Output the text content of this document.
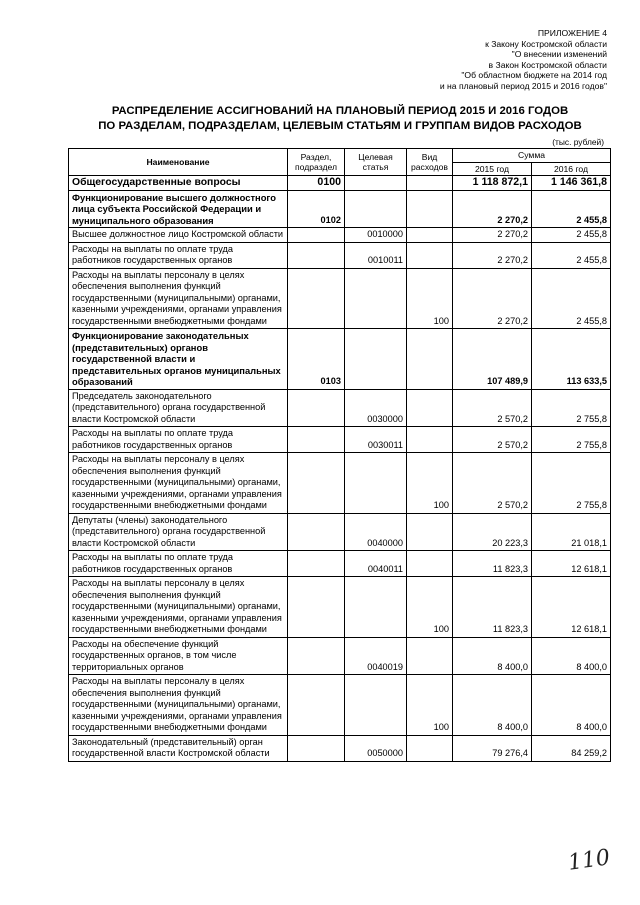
ПРИЛОЖЕНИЕ 4
к Закону Костромской области
"О внесении изменений
в Закон Костромской области
"Об областном бюджете на 2014 год
и на плановый период 2015 и 2016 годов"
РАСПРЕДЕЛЕНИЕ АССИГНОВАНИЙ НА ПЛАНОВЫЙ ПЕРИОД 2015 И 2016 ГОДОВ
ПО РАЗДЕЛАМ, ПОДРАЗДЕЛАМ, ЦЕЛЕВЫМ СТАТЬЯМ И ГРУППАМ ВИДОВ РАСХОДОВ
(тыс. рублей)
Наименование	Раздел, подраздел	Целевая статья	Вид расходов	Сумма	
				2015 год	2016 год
Общегосударственные вопросы	0100			1 118 872,1	1 146 361,8
Функционирование высшего должностного лица субъекта Российской Федерации и муниципального образования	0102			2 270,2	2 455,8
Высшее должностное лицо Костромской области		0010000		2 270,2	2 455,8
Расходы на выплаты по оплате труда работников государственных органов		0010011		2 270,2	2 455,8
Расходы на выплаты персоналу в целях обеспечения выполнения функций государственными (муниципальными) органами, казенными учреждениями, органами управления государственными внебюджетными фондами			100	2 270,2	2 455,8
Функционирование законодательных (представительных) органов государственной власти и представительных органов муниципальных образований	0103			107 489,9	113 633,5
Председатель законодательного (представительного) органа государственной власти Костромской области		0030000		2 570,2	2 755,8
Расходы на выплаты по оплате труда работников государственных органов		0030011		2 570,2	2 755,8
Расходы на выплаты персоналу в целях обеспечения выполнения функций государственными (муниципальными) органами, казенными учреждениями, органами управления государственными внебюджетными фондами			100	2 570,2	2 755,8
Депутаты (члены) законодательного (представительного) органа государственной власти Костромской области		0040000		20 223,3	21 018,1
Расходы на выплаты по оплате труда работников государственных органов		0040011		11 823,3	12 618,1
Расходы на выплаты персоналу в целях обеспечения выполнения функций государственными (муниципальными) органами, казенными учреждениями, органами управления государственными внебюджетными фондами			100	11 823,3	12 618,1
Расходы на обеспечение функций государственных органов, в том числе территориальных органов		0040019		8 400,0	8 400,0
Расходы на выплаты персоналу в целях обеспечения выполнения функций государственными (муниципальными) органами, казенными учреждениями, органами управления государственными внебюджетными фондами			100	8 400,0	8 400,0
Законодательный (представительный) орган государственной власти Костромской области		0050000		79 276,4	84 259,2
110
